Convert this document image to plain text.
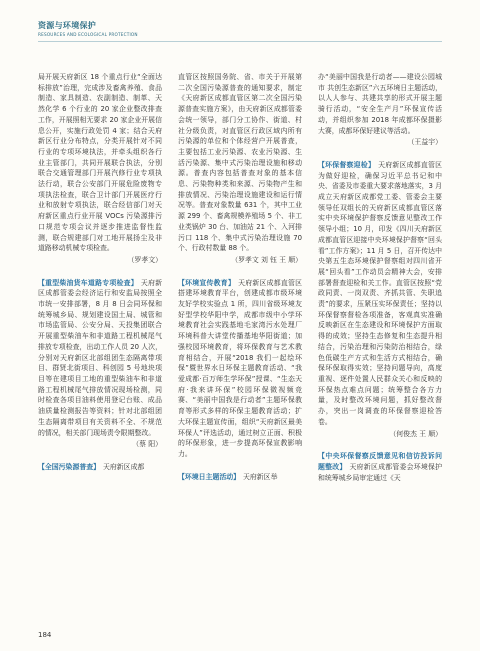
资源与环境保护
RESOURCES AND ECOLOGICAL PROTECTION

局开展天府新区 18 个重点行业“全面达标排放”治理，完成涉及畜禽养殖、食品制造、家具制造、农副制造、制革、天然化学 6 个行业的 20 家企业整改排查工作，开展照相无要求 20 家企业开展信息公开，实施行政处罚 4 家；结合天府新区行业分布特点，分类开展针对不同行业的专项环境执法，并牵头组织各行业主管部门，共同开展联合执法，分别联合交通管理部门开展汽修行业专项执法行动，联合公安部门开展危险废物专项执法检查，联合卫计部门开展医疗行业和放射专项执法，联合经信部门对天府新区重点行业开展 VOCs 污染源排污口规范专项会议并逐步推进监督性监测，联合规建部门对工地开展扬尘及非道路移动机械专项检查。

（罗孝文）

【 重型柴油货车道路专项检查 】 天府新区成都管委会经济运行和安监局按照全市统一安排部署，8 月 8 日会同环保和统筹城乡局、规划建设国土局、城管和市场监管局、公安分局、天投集团联合开展重型柴油车和非道路工程机械尾气排放专项检查，出动工作人员 20 人次，分别对天府新区北部组团生态隔离带项目、群贤北街项目、科创园 5 号地块项目等在建项目工地的重型柴油车和非道路工程机械尾气排放情况现场检测，同时检查各项目油料使用登记台账、成品油质量检测报告等资料；针对北部组团生态隔离带项目有关资料不全、不规范的情况，相关部门现场责令限期整改。

（蔡 阳）

【 全国污染源普查 】 天府新区成都

直管区按照国务院、省、市关于开展第二次全国污染源普查的通知要求，制定《天府新区成都直管区第二次全国污染源普查实施方案》，由天府新区成都管委会统一领导，部门分工协作、街道、村社分级负责，对直管区行政区域内所有污染源的单位和个体经营户开展普查，主要包括工业污染源、农业污染源、生活污染源、集中式污染治理设施和移动源。普查内容包括普查对象的基本信息、污染物种类和来源、污染物产生和排放情况、污染治理设施建设和运行情况等。普查对象数量 631 个，其中工业源 299 个、畜禽规模养殖场 5 个、非工业类锅炉 30 台、加油站 21 个、入河排污口 118 个、集中式污染治理设施 70 个、行政村数量 88 个。

（罗孝文 刘 钰 王 顺）

【 环境宣传教育 】 天府新区成都直管区搭建环境教育平台，创建成都市级环境友好学校实验点 1 所，四川省级环境友好型学校华阳中学，成都市级中小学环境教育社会实践基地毛家湾污水处理厂环境科普大讲堂传播基地华阳街道；加强校园环境教育，将环保教育与艺术教育相结合，开展“2018 我们一起绘环保”暨世界水日环保主题教育活动、“我爱成都·百万师生学环保”授课、“生态天府·我来讲环保”校园环保微视频竞赛、“美丽中国我是行动者”主题环保教育等形式多样的环保主题教育活动；扩大环保主题宣传面，组织“天府新区最美环保人”评选活动，通过树立正面、积极的环保形象，进一步提高环保宣教影响力。

【 环境日主题活动 】 天府新区举

办“美丽中国我是行动者——建设公园城市 共创生态新区”六五环境日主题活动，以人人参与、共建共享的形式开展主题骑行活动，“安全生产月”环保宣传活动，并组织参加 2018 年成都环保摄影大赛，成都环保好建议等活动。

（王益宇）

【 环保督察迎检 】 天府新区成都直管区为做好迎检，确保习近平总书记和中央、省委及市委重大要求落地落实，3 月成立天府新区成都党工委、管委会主要领导任双组长的天府新区成都直管区落实中央环境保护督察反馈意见整改工作领导小组；10 月，印发《四川天府新区成都直管区迎接中央环境保护督察“回头看”工作方案》；11 月 5 日，召开传达中央第五生态环境保护督察组对四川省开展“回头看”工作动员会精神大会，安排部署督查迎检和关工作。直管区按照“党政同责、一岗双责、齐抓共管、失职追责”的要求，压紧压实环保责任；坚持以环保督察督检各项准备，客观真实准确反映新区在生态建设和环境保护方面取得的成效；坚持生态修复和生态提升相结合，污染治理和污染防治相结合，绿色低碳生产方式和生活方式相结合，确保环保取得实效；坚持问题导向，高度重视、逐件处置人民群众关心和反映的环保热点难点问题；统筹整合各方力量，及时整改环境问题，抓好整改督办，突出一岗调查的环保督察迎检答卷。

（何俊杰 王 顺）

【 中央环保督察反馈意见和信访投诉问题整改 】 天府新区成都管委会环境保护和统筹城乡局审定通过《天

184
